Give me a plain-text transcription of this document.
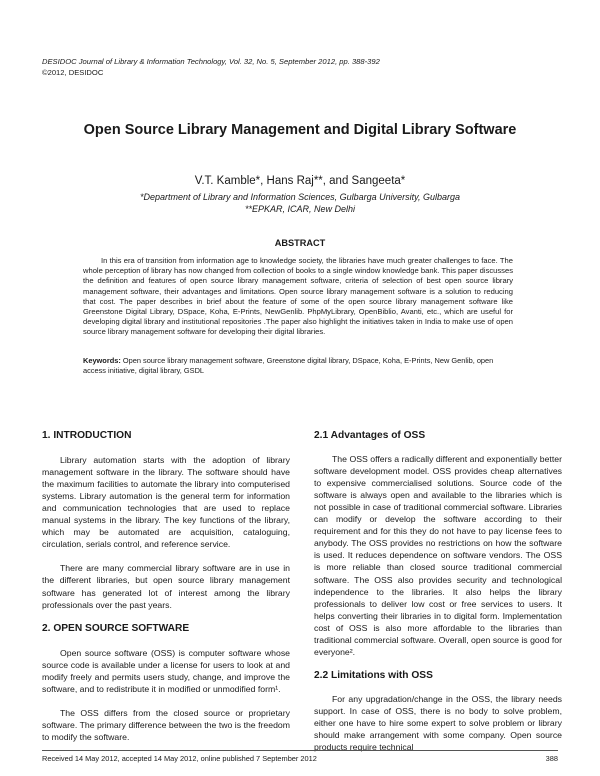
DESIDOC Journal of Library & Information Technology, Vol. 32, No. 5, September 2012, pp. 388-392
©2012, DESIDOC
Open Source Library Management and Digital Library Software
V.T. Kamble*, Hans Raj**, and Sangeeta*
*Department of Library and Information Sciences, Gulbarga University, Gulbarga
**EPKAR, ICAR, New Delhi
ABSTRACT

In this era of transition from information age to knowledge society, the libraries have much greater challenges to face. The whole perception of library has now changed from collection of books to a single window knowledge bank. This paper discusses the definition and features of open source library management software, criteria of selection of best open source library management software, their advantages and limitations. Open source library management software is a solution to reducing that cost. The paper describes in brief about the feature of some of the open source library management software like Greenstone Digital Library, DSpace, Koha, E-Prints, NewGenlib. PhpMyLibrary, OpenBiblio, Avanti, etc., which are useful for developing digital library and institutional repositories .The paper also highlight the initiatives taken in India to make use of open source library management software for developing their digital libraries.

Keywords: Open source library management software, Greenstone digital library, DSpace, Koha, E-Prints, New Genlib, open access initiative, digital library, GSDL

1. INTRODUCTION

Library automation starts with the adoption of library management software in the library. The software should have the maximum facilities to automate the library into computerised systems. Library automation is the general term for information and communication technologies that are used to replace manual systems in the library. The key functions of the library, which may be automated are acquisition, cataloguing, circulation, serials control, and reference service.

There are many commercial library software are in use in the different libraries, but open source library management software has generated lot of interest among the library professionals over the past years.

2. OPEN SOURCE SOFTWARE

Open source software (OSS) is computer software whose source code is available under a license for users to look at and modify freely and permits users study, change, and improve the software, and to redistribute it in modified or unmodified form¹.

The OSS differs from the closed source or proprietary software. The primary difference between the two is the freedom to modify the software.

2.1 Advantages of OSS

The OSS offers a radically different and exponentially better software development model. OSS provides cheap alternatives to expensive commercialised solutions. Source code of the software is always open and available to the libraries which is not possible in case of traditional commercial software. Libraries can modify or develop the software according to their requirement and for this they do not have to pay license fees to anybody. The OSS provides no restrictions on how the software is used. It reduces dependence on software vendors. The OSS is more reliable than closed source traditional commercial software. The OSS also provides security and technological independence to the libraries. It also helps the library professionals to deliver low cost or free services to users. It helps converting their libraries in to digital form. Implementation cost of OSS is also more affordable to the libraries than traditional commercial software. Overall, open source is good for everyone².

2.2 Limitations with OSS

For any upgradation/change in the OSS, the library needs support. In case of OSS, there is no body to solve problem, either one have to hire some expert to solve problem or library should make arrangement with some company. Open source products require technical

Received 14 May 2012, accepted 14 May 2012, online published 7 September 2012	388
